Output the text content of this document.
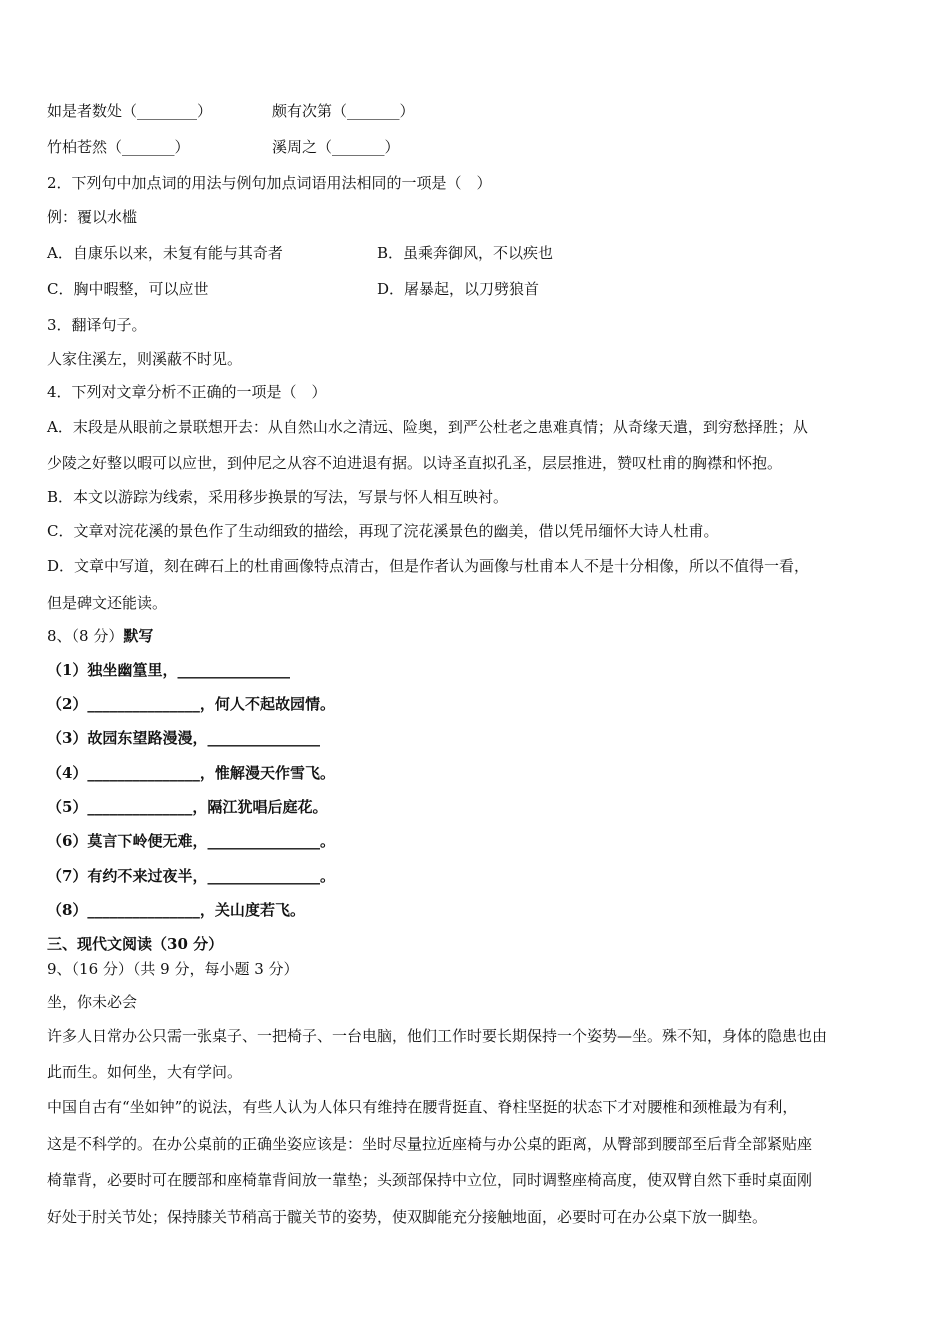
如是者数处（________）	颇有次第（_______）
竹柏苍然（_______）	溪周之（_______）
2．下列句中加点词的用法与例句加点词语用法相同的一项是（　）
例：覆以水槛
A．自康乐以来，未复有能与其奇者	B．虽乘奔御风，不以疾也
C．胸中暇整，可以应世	D．屠暴起，以刀劈狼首
3．翻译句子。
人家住溪左，则溪蔽不时见。
4．下列对文章分析不正确的一项是（　）
A．末段是从眼前之景联想开去：从自然山水之清远、险奥，到严公杜老之患难真情；从奇缘天遣，到穷愁择胜；从
少陵之好整以暇可以应世，到仲尼之从容不迫进退有据。以诗圣直拟孔圣，层层推进，赞叹杜甫的胸襟和怀抱。
B．本文以游踪为线索，采用移步换景的写法，写景与怀人相互映衬。
C．文章对浣花溪的景色作了生动细致的描绘，再现了浣花溪景色的幽美，借以凭吊缅怀大诗人杜甫。
D．文章中写道，刻在碑石上的杜甫画像特点清古，但是作者认为画像与杜甫本人不是十分相像，所以不值得一看，
但是碑文还能读。
8、（8 分）默写
（1）独坐幽篁里，_______________
（2）_______________，何人不起故园情。
（3）故园东望路漫漫，_______________
（4）_______________，惟解漫天作雪飞。
（5）______________，隔江犹唱后庭花。
（6）莫言下岭便无难，_______________。
（7）有约不来过夜半，_______________。
（8）_______________，关山度若飞。
三、现代文阅读（30 分）
9、（16 分）（共 9 分，每小题 3 分）
坐，你未必会
许多人日常办公只需一张桌子、一把椅子、一台电脑，他们工作时要长期保持一个姿势—坐。殊不知，身体的隐患也由
此而生。如何坐，大有学问。
中国自古有“坐如钟”的说法，有些人认为人体只有维持在腰背挺直、脊柱坚挺的状态下才对腰椎和颈椎最为有利，
这是不科学的。在办公桌前的正确坐姿应该是：坐时尽量拉近座椅与办公桌的距离，从臀部到腰部至后背全部紧贴座
椅靠背，必要时可在腰部和座椅靠背间放一靠垫；头颈部保持中立位，同时调整座椅高度，使双臂自然下垂时桌面刚
好处于肘关节处；保持膝关节稍高于髋关节的姿势，使双脚能充分接触地面，必要时可在办公桌下放一脚垫。
